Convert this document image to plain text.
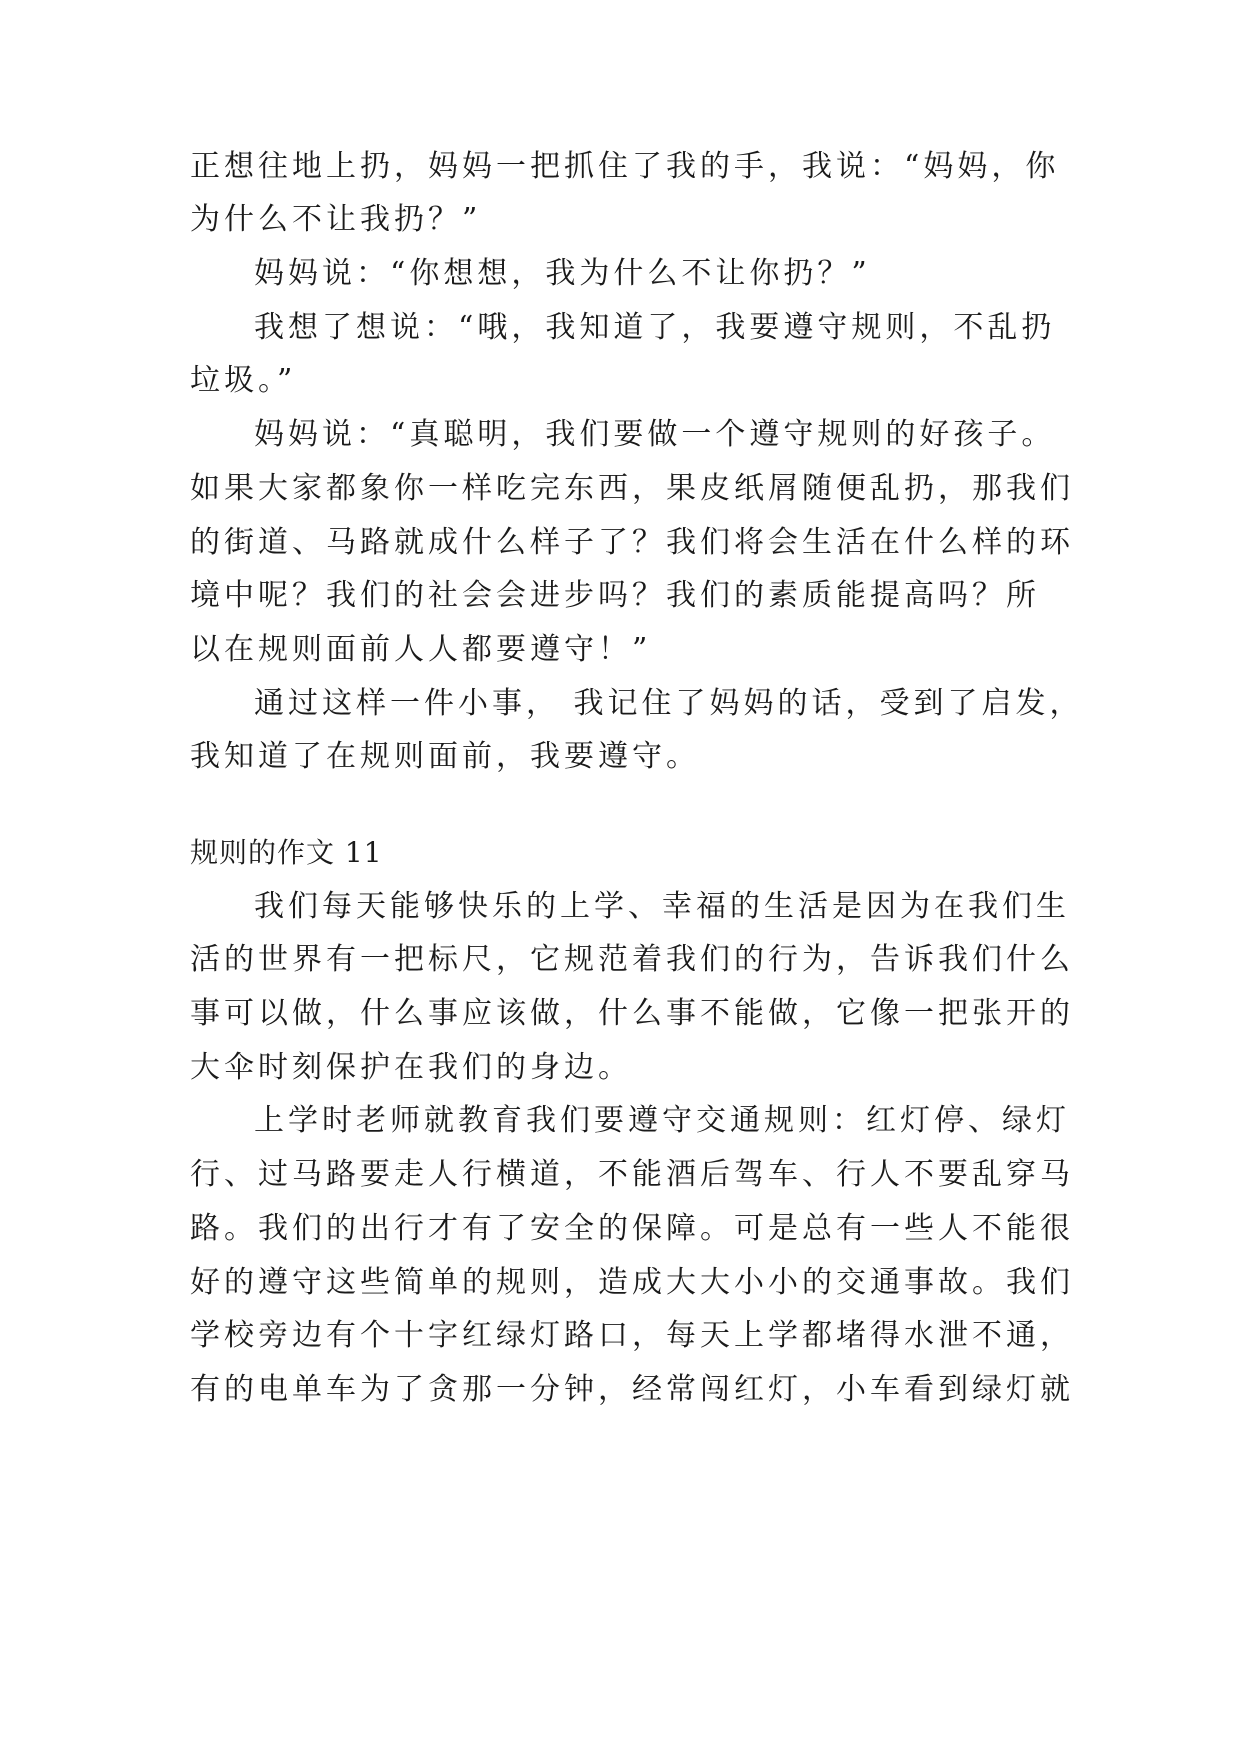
正想往地上扔，妈妈一把抓住了我的手，我说：“妈妈，你
为什么不让我扔？”
妈妈说：“你想想，我为什么不让你扔？”
我想了想说：“哦，我知道了，我要遵守规则，不乱扔
垃圾。”
妈妈说：“真聪明，我们要做一个遵守规则的好孩子。
如果大家都象你一样吃完东西，果皮纸屑随便乱扔，那我们
的街道、马路就成什么样子了？我们将会生活在什么样的环
境中呢？我们的社会会进步吗？我们的素质能提高吗？所
以在规则面前人人都要遵守！”
通过这样一件小事， 我记住了妈妈的话，受到了启发，
我知道了在规则面前，我要遵守。
规则的作文 11
我们每天能够快乐的上学、幸福的生活是因为在我们生
活的世界有一把标尺，它规范着我们的行为，告诉我们什么
事可以做，什么事应该做，什么事不能做，它像一把张开的
大伞时刻保护在我们的身边。
上学时老师就教育我们要遵守交通规则：红灯停、绿灯
行、过马路要走人行横道，不能酒后驾车、行人不要乱穿马
路。我们的出行才有了安全的保障。可是总有一些人不能很
好的遵守这些简单的规则，造成大大小小的交通事故。我们
学校旁边有个十字红绿灯路口，每天上学都堵得水泄不通，
有的电单车为了贪那一分钟，经常闯红灯，小车看到绿灯就
